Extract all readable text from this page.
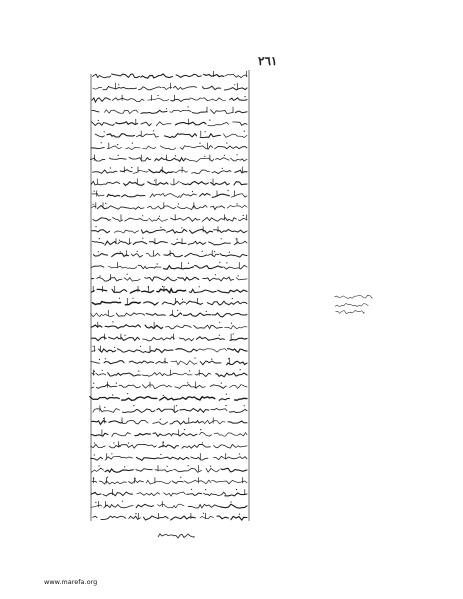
٢٦١
www.marefa.org
